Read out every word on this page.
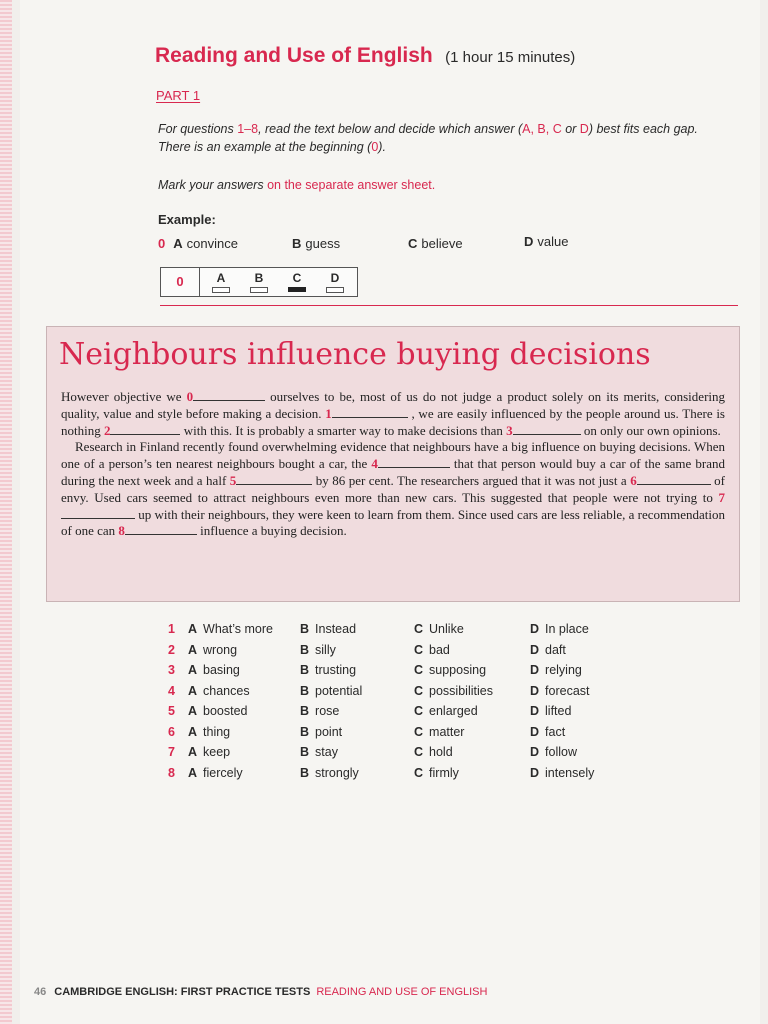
Reading and Use of English (1 hour 15 minutes)
PART 1
For questions 1–8, read the text below and decide which answer (A, B, C or D) best fits each gap. There is an example at the beginning (0).
Mark your answers on the separate answer sheet.
Example:
0 A convince	B guess	C believe	D value
0	A	B	C	D
Neighbours influence buying decisions

However objective we 0	ourselves to be, most of us do not judge a product solely on its merits, considering quality, value and style before making a decision. 1	, we are easily influenced by the people around us. There is nothing 2	with this. It is probably a smarter way to make decisions than 3	on only our own opinions.

Research in Finland recently found overwhelming evidence that neighbours have a big influence on buying decisions. When one of a person’s ten nearest neighbours bought a car, the 4	that that person would buy a car of the same brand during the next week and a half 5	by 86 per cent. The researchers argued that it was not just a 6	of envy. Used cars seemed to attract neighbours even more than new cars. This suggested that people were not trying to 7 up with their neighbours, they were keen to learn from them. Since used cars are less reliable, a recommendation of one can 8	influence a buying decision.

1 A What’s more B Instead	C Unlike	D In place
2 A wrong	B silly	C bad	D daft
3 A basing	B trusting	C supposing	D relying
4 A chances	B potential	C possibilities	D forecast
5 A boosted	B rose	C enlarged	D lifted
6 A thing	B point	C matter	D fact
7 A keep	B stay	C hold	D follow
8 A fiercely	B strongly	C firmly	D intensely
46 CAMBRIDGE ENGLISH: FIRST PRACTICE TESTS READING AND USE OF ENGLISH
